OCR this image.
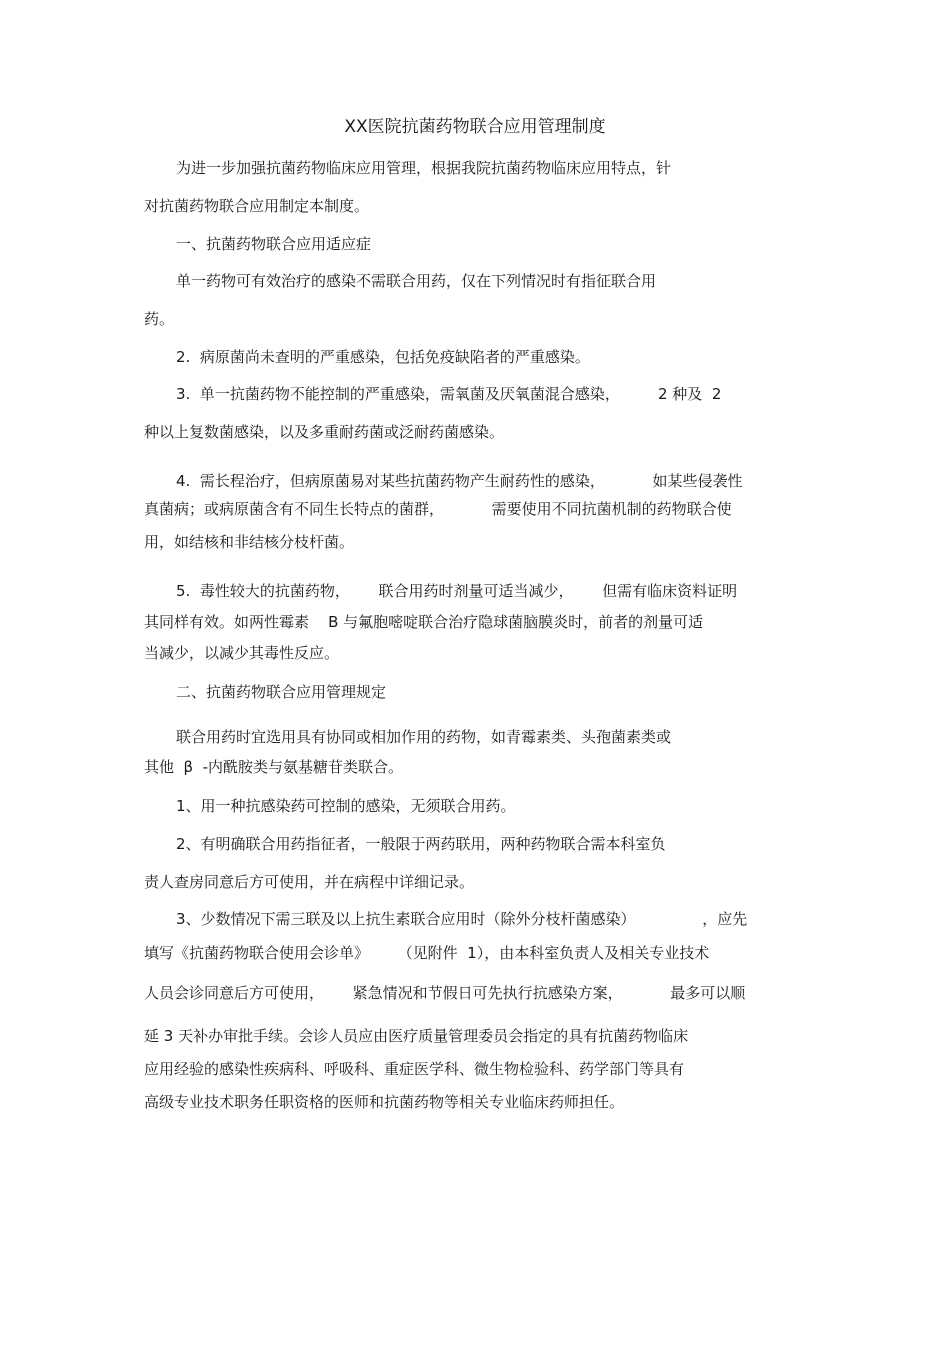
XX医院抗菌药物联合应用管理制度
为进一步加强抗菌药物临床应用管理，根据我院抗菌药物临床应用特点，针
对抗菌药物联合应用制定本制度。
一、抗菌药物联合应用适应症
单一药物可有效治疗的感染不需联合用药，仅在下列情况时有指征联合用
药。
2.  病原菌尚未查明的严重感染，包括免疫缺陷者的严重感染。
3.  单一抗菌药物不能控制的严重感染，需氧菌及厌氧菌混合感染，        2 种及  2
种以上复数菌感染，以及多重耐药菌或泛耐药菌感染。
4.  需长程治疗，但病原菌易对某些抗菌药物产生耐药性的感染，          如某些侵袭性
真菌病；或病原菌含有不同生长特点的菌群，          需要使用不同抗菌机制的药物联合使
用，如结核和非结核分枝杆菌。
5.  毒性较大的抗菌药物，      联合用药时剂量可适当减少，      但需有临床资料证明
其同样有效。如两性霉素    B 与氟胞嘧啶联合治疗隐球菌脑膜炎时，前者的剂量可适
当减少，以减少其毒性反应。
二、抗菌药物联合应用管理规定
联合用药时宜选用具有协同或相加作用的药物，如青霉素类、头孢菌素类或
其他  β  -内酰胺类与氨基糖苷类联合。
1、用一种抗感染药可控制的感染，无须联合用药。
2、有明确联合用药指征者，一般限于两药联用，两种药物联合需本科室负
责人查房同意后方可使用，并在病程中详细记录。
3、少数情况下需三联及以上抗生素联合应用时（除外分枝杆菌感染）              ，应先
填写《抗菌药物联合使用会诊单》      （见附件  1），由本科室负责人及相关专业技术
人员会诊同意后方可使用，      紧急情况和节假日可先执行抗感染方案，          最多可以顺
延 3 天补办审批手续。会诊人员应由医疗质量管理委员会指定的具有抗菌药物临床
应用经验的感染性疾病科、呼吸科、重症医学科、微生物检验科、药学部门等具有
高级专业技术职务任职资格的医师和抗菌药物等相关专业临床药师担任。
